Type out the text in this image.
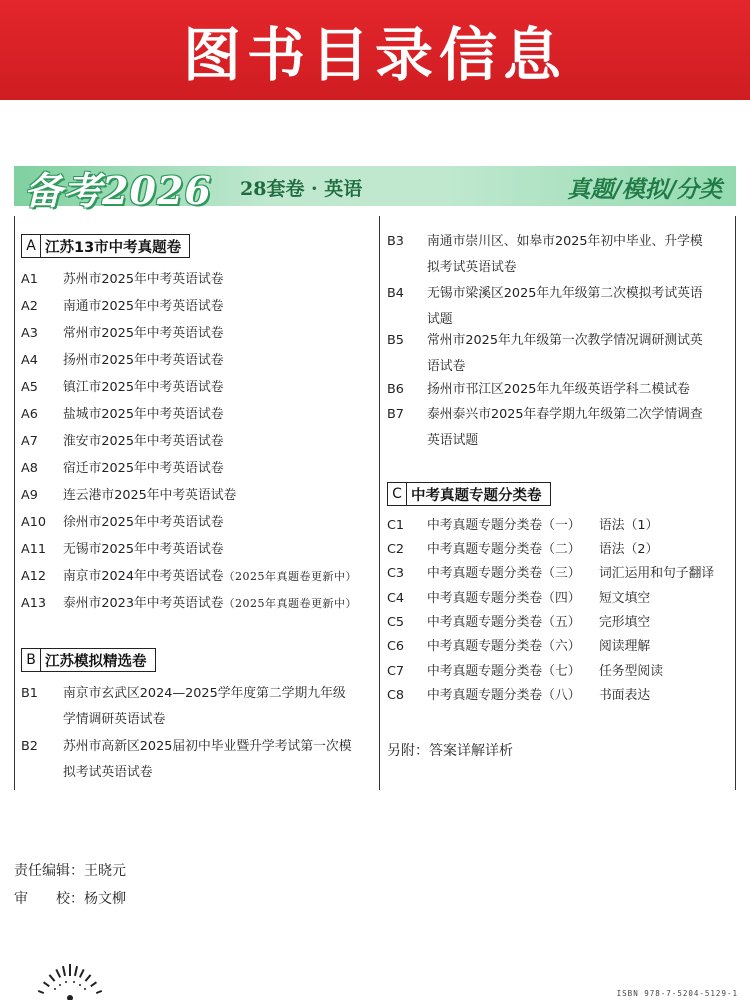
图书目录信息
备考2026 28套卷 · 英语	真题/模拟/分类
A 江苏13市中考真题卷
A1	苏州市2025年中考英语试卷
A2	南通市2025年中考英语试卷
A3	常州市2025年中考英语试卷
A4	扬州市2025年中考英语试卷
A5	镇江市2025年中考英语试卷
A6	盐城市2025年中考英语试卷
A7	淮安市2025年中考英语试卷
A8	宿迁市2025年中考英语试卷
A9	连云港市2025年中考英语试卷
A10	徐州市2025年中考英语试卷
A11	无锡市2025年中考英语试卷
A12	南京市2024年中考英语试卷（2025年真题卷更新中）
A13	泰州市2023年中考英语试卷（2025年真题卷更新中）
B 江苏模拟精选卷
B1	南京市玄武区2024—2025学年度第二学期九年级
学情调研英语试卷
B2	苏州市高新区2025届初中毕业暨升学考试第一次模
拟考试英语试卷
B3	南通市崇川区、如皋市2025年初中毕业、升学模
拟考试英语试卷
B4	无锡市梁溪区2025年九年级第二次模拟考试英语
试题
B5	常州市2025年九年级第一次教学情况调研测试英
语试卷
B6	扬州市邗江区2025年九年级英语学科二模试卷
B7	泰州泰兴市2025年春学期九年级第二次学情调查
英语试题
C 中考真题专题分类卷
C1	中考真题专题分类卷（一） 语法（1）
C2	中考真题专题分类卷（二） 语法（2）
C3	中考真题专题分类卷（三） 词汇运用和句子翻译
C4	中考真题专题分类卷（四） 短文填空
C5	中考真题专题分类卷（五） 完形填空
C6	中考真题专题分类卷（六） 阅读理解
C7	中考真题专题分类卷（七） 任务型阅读
C8	中考真题专题分类卷（八） 书面表达
另附：答案详解详析
责任编辑：王晓元
审　　校：杨文柳
ISBN 978-7-5204-5129-1
